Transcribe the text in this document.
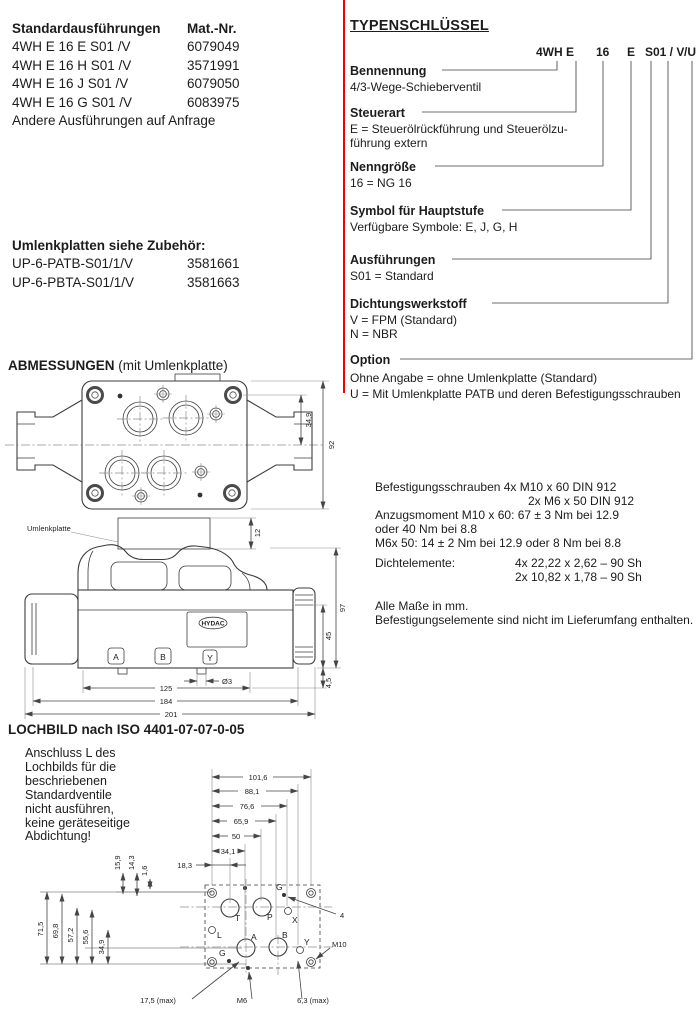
Standardausführungen	Mat.-Nr.
4WH E 16 E S01 /V	6079049
4WH E 16 H S01 /V	3571991
4WH E 16 J S01 /V	6079050
4WH E 16 G S01 /V	6083975
Andere Ausführungen auf Anfrage
Umlenkplatten siehe Zubehör:
UP-6-PATB-S01/1/V	3581661
UP-6-PBTA-S01/1/V	3581663
ABMESSUNGEN (mit Umlenkplatte)
LOCHBILD nach ISO 4401-07-07-0-05
Anschluss L des
Lochbilds für die
beschriebenen
Standardventile
nicht ausführen,
keine geräteseitige
Abdichtung!
TYPENSCHLÜSSEL
4WH E 16 E S01 / V /U
Bennennung
4/3-Wege-Schieberventil
Steuerart
E = Steuerölrückführung und Steuerölzu-
führung extern
Nenngröße
16 = NG 16
Symbol für Hauptstufe
Verfügbare Symbole: E, J, G, H
Ausführungen
S01 = Standard
Dichtungswerkstoff
V = FPM (Standard)
N = NBR
Option
Ohne Angabe = ohne Umlenkplatte (Standard)
U = Mit Umlenkplatte PATB und deren Befestigungsschrauben
Befestigungsschrauben 4x M10 x 60 DIN 912
2x M6 x 50 DIN 912
Anzugsmoment M10 x 60: 67 ± 3 Nm bei 12.9
oder 40 Nm bei 8.8
M6x 50: 14 ± 2 Nm bei 12.9 oder 8 Nm bei 8.8
Dichtelemente:	4x 22,22 x 2,62 – 90 Sh
2x 10,82 x 1,78 – 90 Sh
Alle Maße in mm.
Befestigungselemente sind nicht im Lieferumfang enthalten.
34,9
92
Umlenkplatte	12
HYDAC
A	B	Y
Ø3
125
184
201
97
45
4,5
T	P X
L	A	B
Y
G
G
101,6
88,1
76,6
65,9
50
34,1
18,3
71,5 69,8 57,2 55,6
34,9
15,9 14,3
1,6
4
M10
17,5 (max)	M6	6,3 (max)
